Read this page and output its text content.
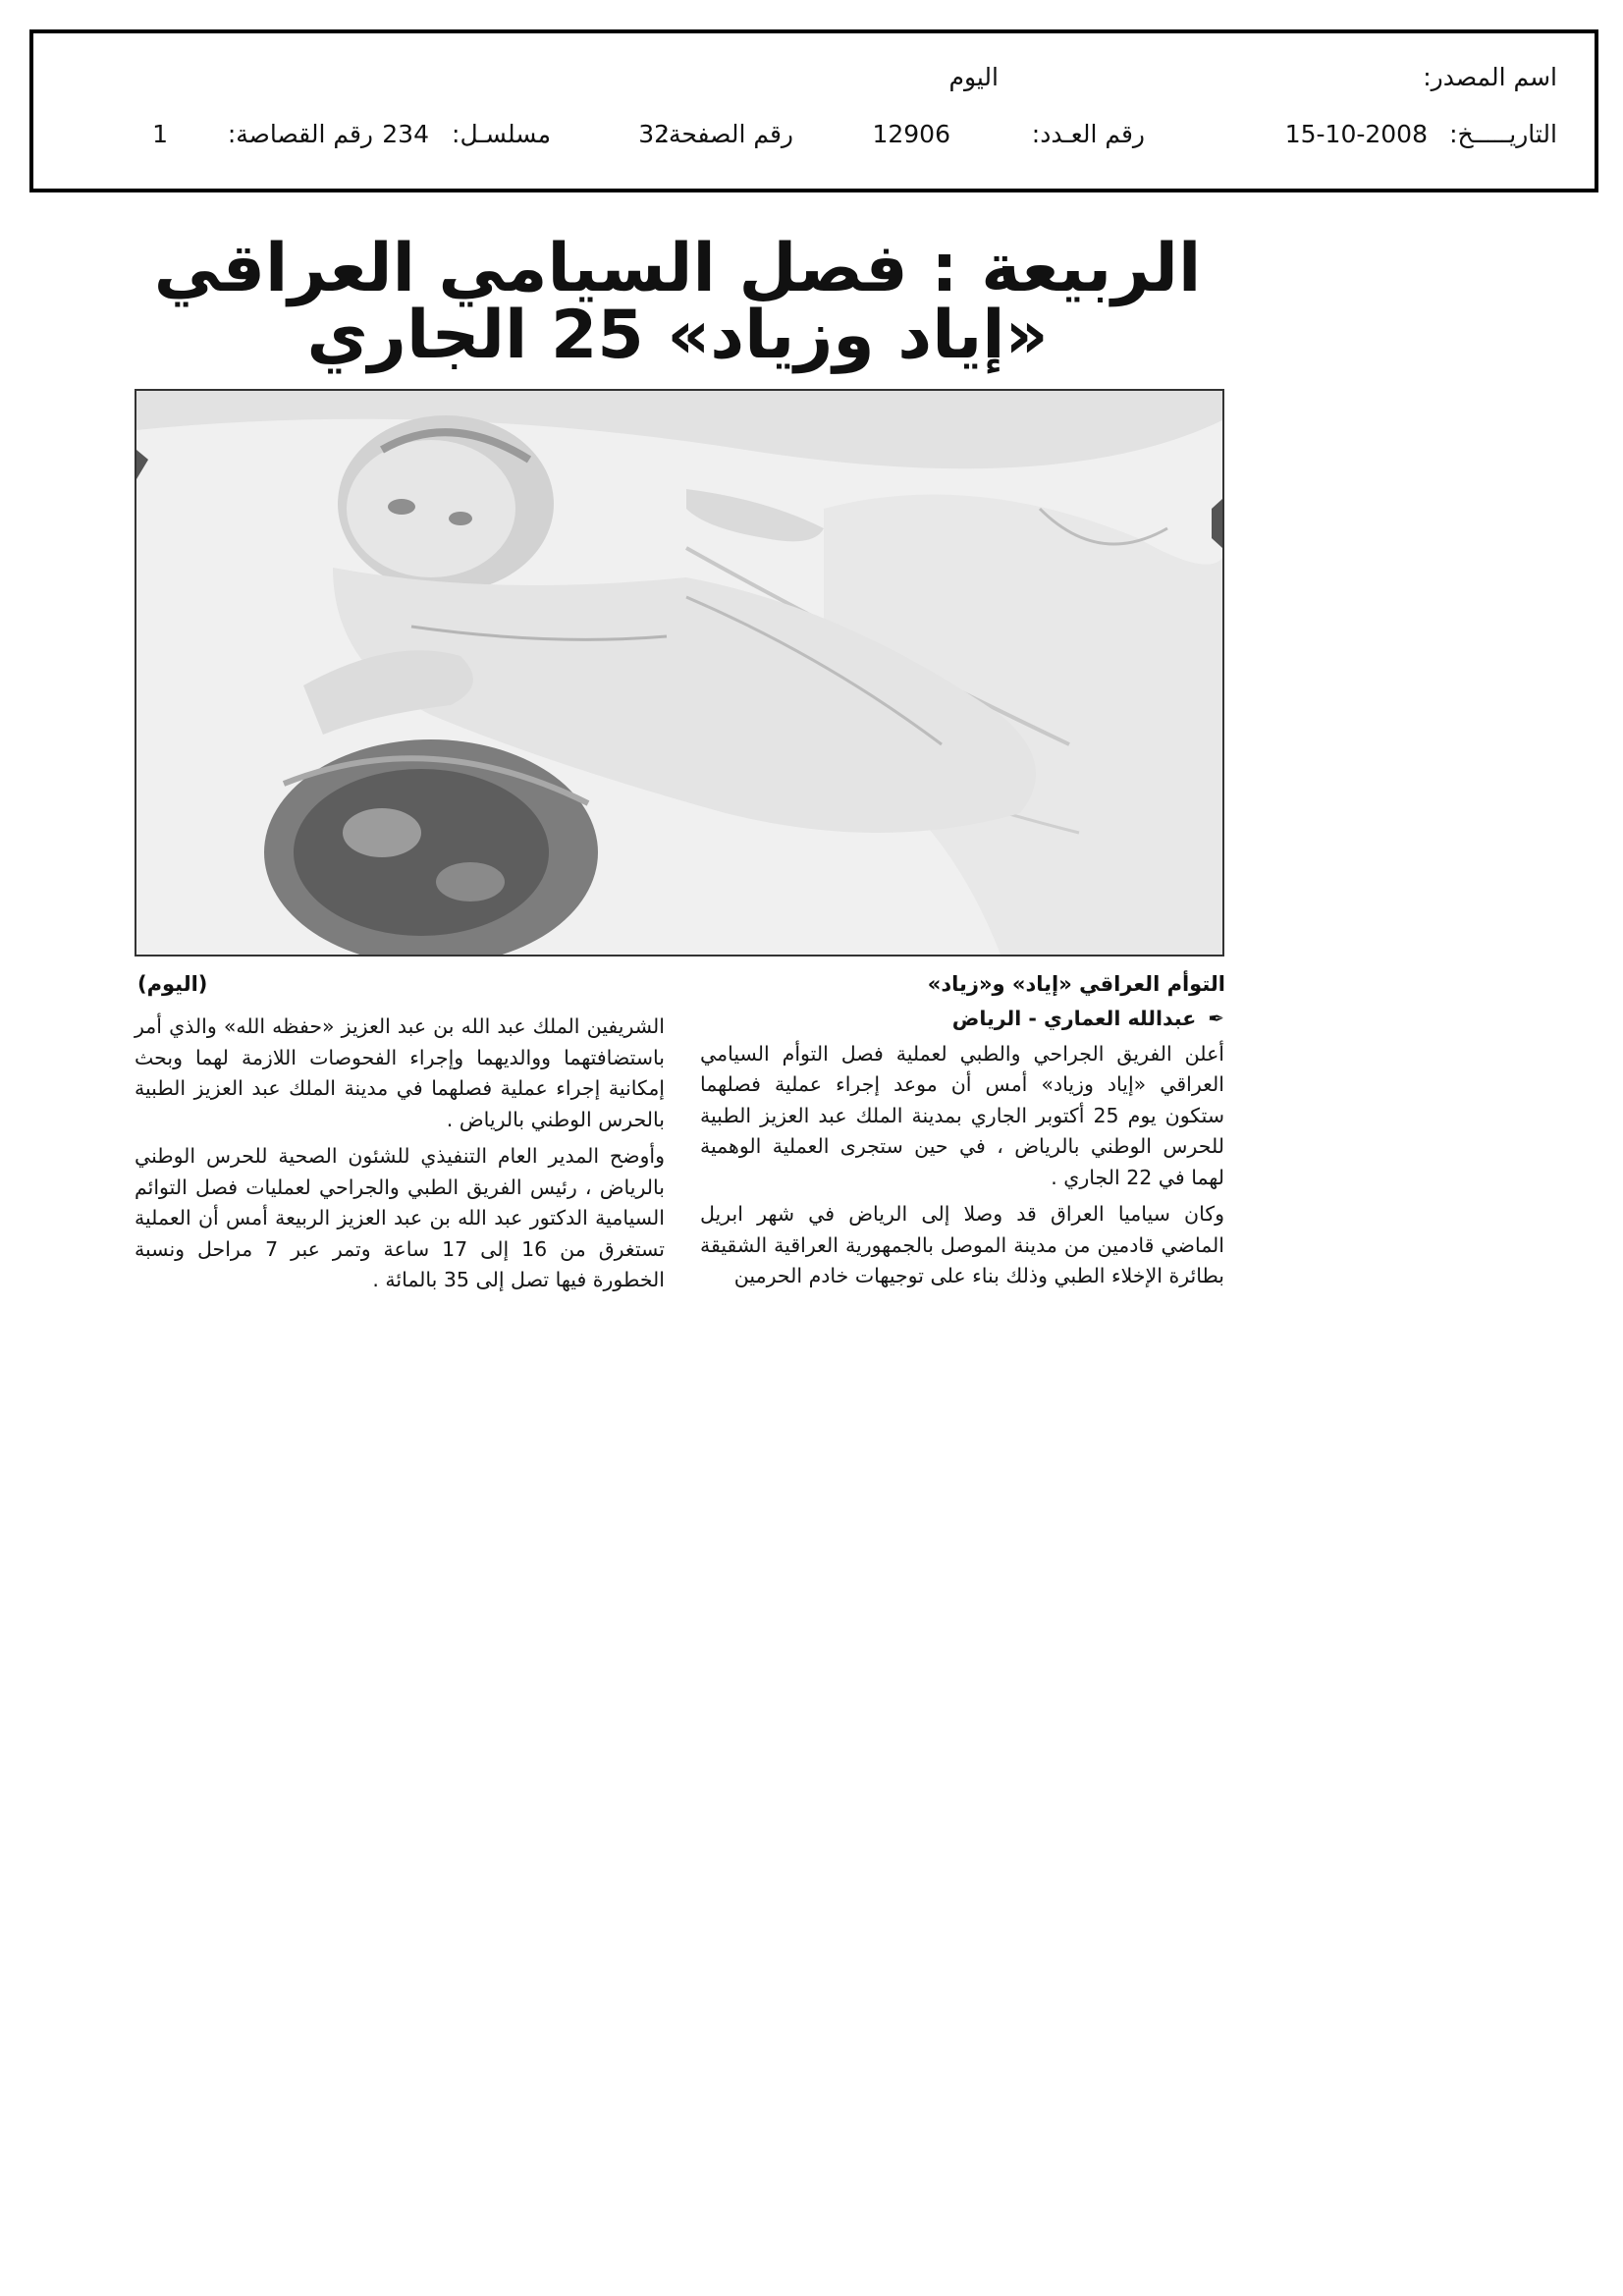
اسم المصدر:
اليوم
التاريـــــخ:
15-10-2008
رقم العـدد:
12906
رقم الصفحة:
32
مسلسـل:
234
رقم القصاصة:
1
الربيعة : فصل السيامي العراقي «إياد وزياد» 25 الجاري
التوأم العراقي «إياد» و«زياد»
(اليوم)
✒
عبدالله العماري - الرياض

أعلن الفريق الجراحي والطبي لعملية فصل التوأم السيامي العراقي «إياد وزياد» أمس أن موعد إجراء عملية فصلهما ستكون يوم 25 أكتوبر الجاري بمدينة الملك عبد العزيز الطبية للحرس الوطني بالرياض ، في حين ستجرى العملية الوهمية لهما في 22 الجاري .

وكان سياميا العراق قد وصلا إلى الرياض في شهر ابريل الماضي قادمين من مدينة الموصل بالجمهورية العراقية الشقيقة بطائرة الإخلاء الطبي وذلك بناء على توجيهات خادم الحرمين

الشريفين الملك عبد الله بن عبد العزيز «حفظه الله» والذي أمر باستضافتهما ووالديهما وإجراء الفحوصات اللازمة لهما وبحث إمكانية إجراء عملية فصلهما في مدينة الملك عبد العزيز الطبية بالحرس الوطني بالرياض .

وأوضح المدير العام التنفيذي للشئون الصحية للحرس الوطني بالرياض ، رئيس الفريق الطبي والجراحي لعمليات فصل التوائم السيامية الدكتور عبد الله بن عبد العزيز الربيعة أمس أن العملية تستغرق من 16 إلى 17 ساعة وتمر عبر 7 مراحل ونسبة الخطورة فيها تصل إلى 35 بالمائة .
